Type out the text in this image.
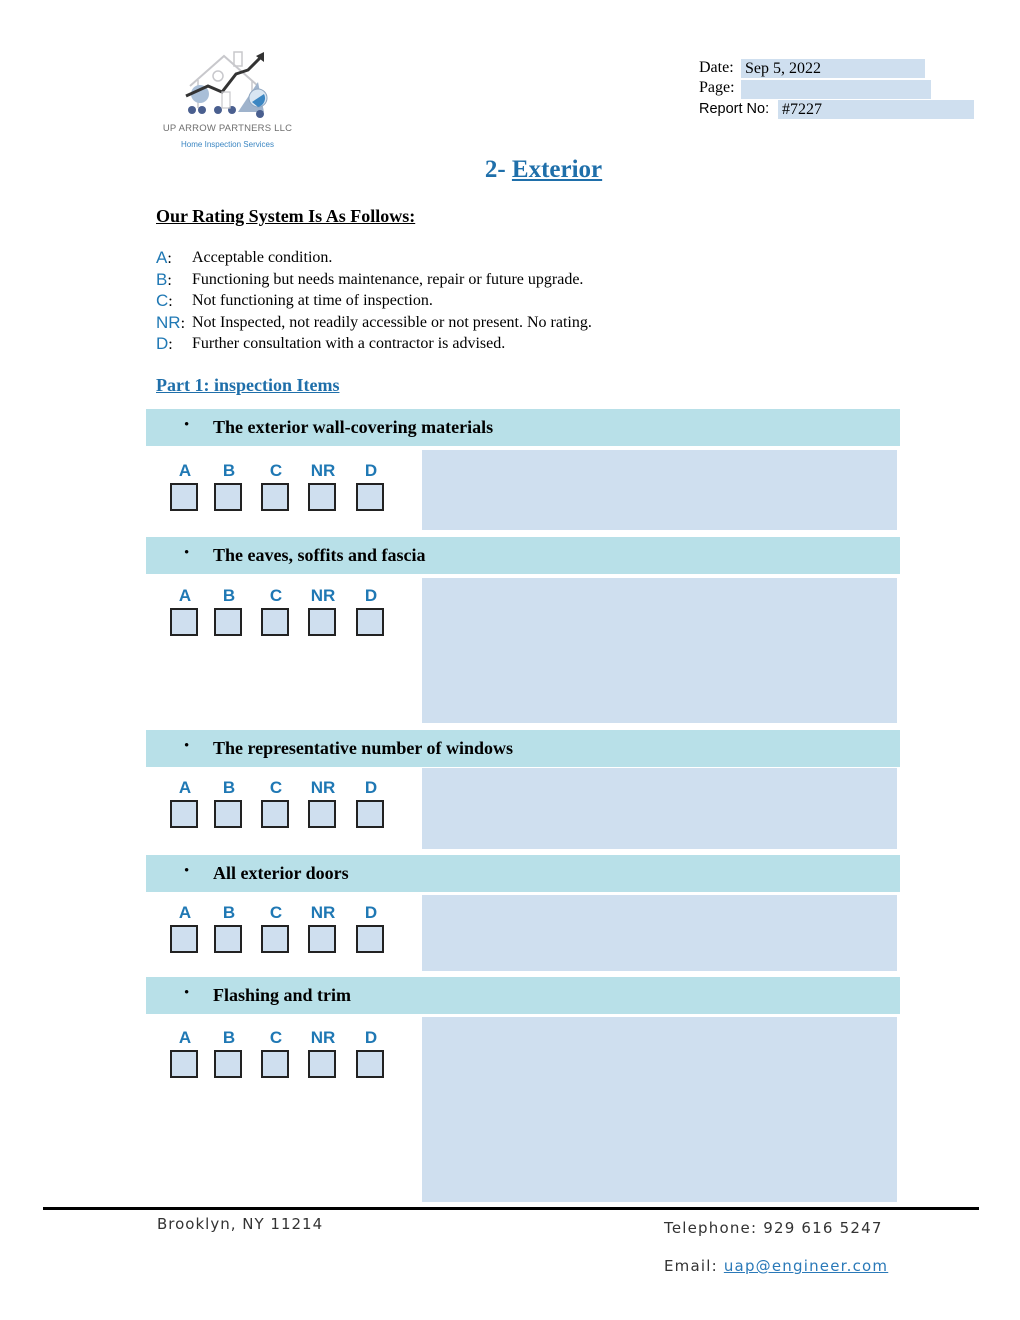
UP ARROW PARTNERS LLC
Home Inspection Services
Date: Sep 5, 2022
Page:
Report No: #7227
2- Exterior
Our Rating System Is As Follows:
A: Acceptable condition.
B: Functioning but needs maintenance, repair or future upgrade.
C: Not functioning at time of inspection.
NR: Not Inspected, not readily accessible or not present. No rating.
D: Further consultation with a contractor is advised.
Part 1: inspection Items
• The exterior wall-covering materials
A	B	C	NR	D
• The eaves, soffits and fascia
A	B	C	NR	D
• The representative number of windows
A	B	C	NR	D
• All exterior doors
A	B	C	NR	D
• Flashing and trim
A	B	C	NR	D
Brooklyn, NY 11214	Telephone: 929 616 5247
Email: uap@engineer.com
